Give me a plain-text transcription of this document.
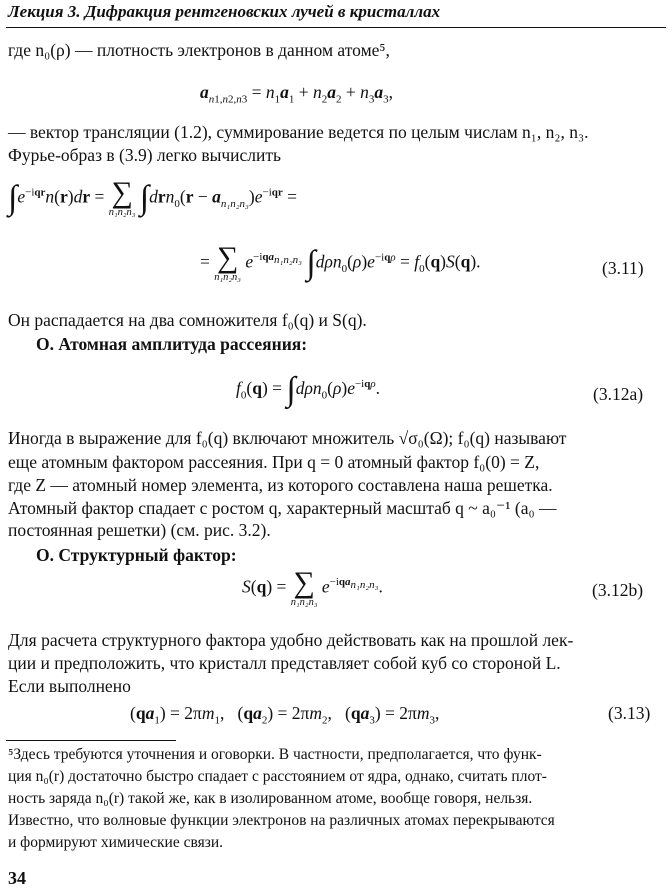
Лекция 3. Дифракция рентгеновских лучей в кристаллах
где n₀(ρ) — плотность электронов в данном атоме⁵,
$a_{n1,n2,n3} = n_1a_1 + n_2a_2 + n_3a_3$,
— вектор трансляции (1.2), суммирование ведется по целым числам n₁, n₂, n₃.
Фурье-образ в (3.9) легко вычислить
$\int e^{-iqr}n(r)dr$ = ∑
n₁n₂n₃ $\int drn_0(r - a_{n_1n_2n_3})e^{-iqr}$ =
= ∑
n₁n₂n₃
$e^{-iqa_{n_1n_2n_3}}$ $\int d\rho n_0(\rho)e^{-iq\rho} = f_0(q)S(q)$.	(3.11)
Он распадается на два сомножителя f₀(q) и S(q).
О. Атомная амплитуда рассеяния:
$f_0(q) = \int d\rho n_0(\rho)e^{-iq\rho}$.	(3.12a)
Иногда в выражение для f₀(q) включают множитель √σ₀(Ω); f₀(q) называют
еще атомным фактором рассеяния. При q = 0 атомный фактор f₀(0) = Z,
где Z — атомный номер элемента, из которого составлена наша решетка.
Атомный фактор спадает с ростом q, характерный масштаб q ~ a₀⁻¹ (a₀ —
постоянная решетки) (см. рис. 3.2).
О. Структурный фактор:
S(q) = ∑
n₁n₂n₃
$e^{-iqa_{n_1n_2n_3}}$.	(3.12b)
Для расчета структурного фактора удобно действовать как на прошлой лек-
ции и предположить, что кристалл представляет собой куб со стороной L.
Если выполнено
$(qa_1) = 2\pi m_1$,   $(qa_2) = 2\pi m_2$,   $(qa_3) = 2\pi m_3$,	(3.13)
⁵Здесь требуются уточнения и оговорки. В частности, предполагается, что функ-
ция n₀(r) достаточно быстро спадает с расстоянием от ядра, однако, считать плот-
ность заряда n₀(r) такой же, как в изолированном атоме, вообще говоря, нельзя.
Известно, что волновые функции электронов на различных атомах перекрываются
и формируют химические связи.
34
